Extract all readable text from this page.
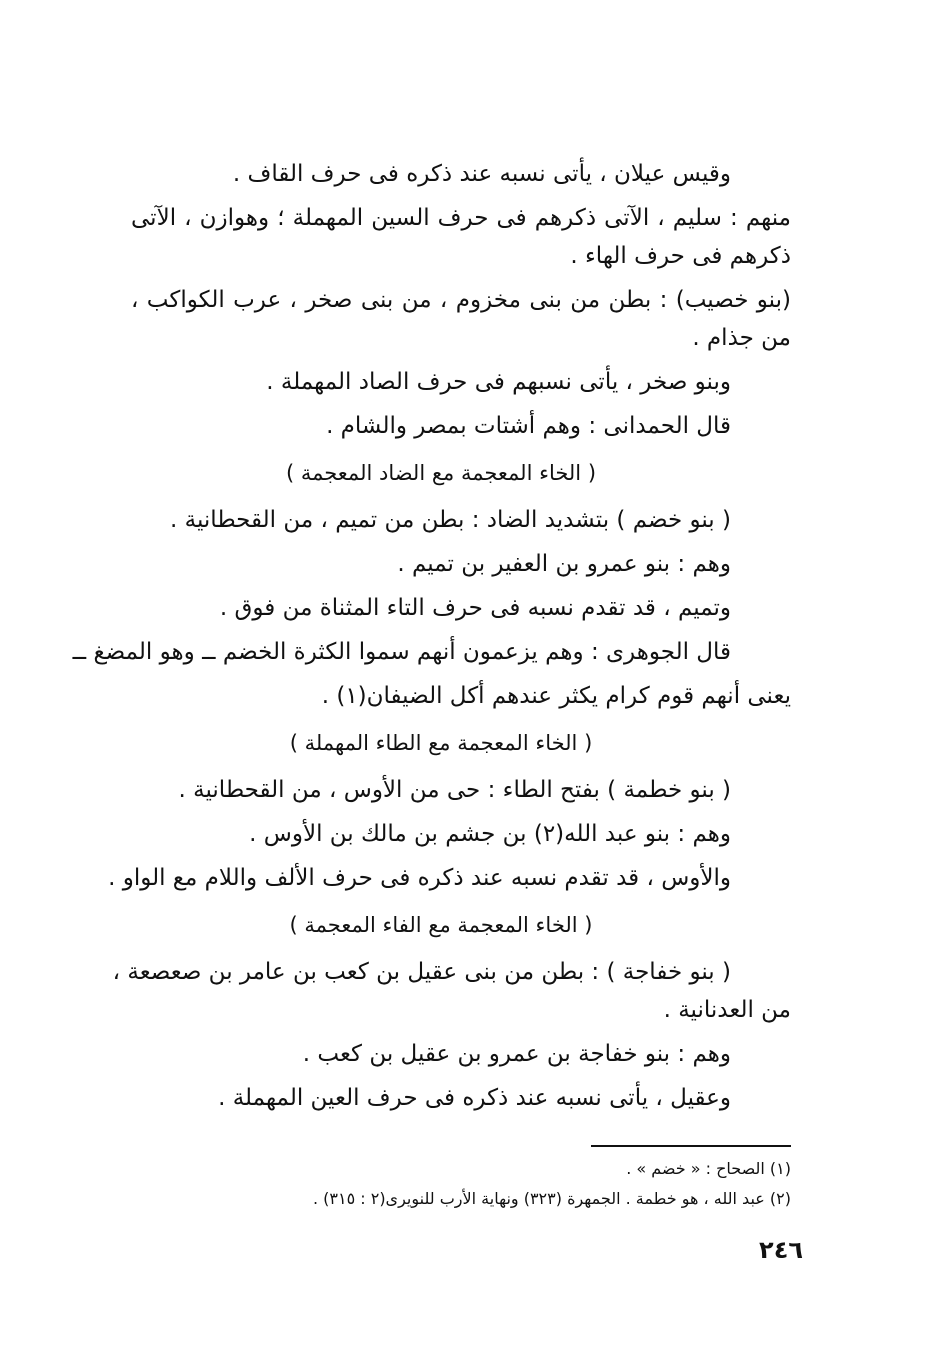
وقيس عيلان ، يأتى نسبه عند ذكره فى حرف القاف .
منهم : سليم ، الآتى ذكرهم فى حرف السين المهملة ؛ وهوازن ، الآتى
ذكرهم فى حرف الهاء .
(بنو خصيب) : بطن من بنى مخزوم ، من بنى صخر ، عرب الكواكب ،
من جذام .
وبنو صخر ، يأتى نسبهم فى حرف الصاد المهملة .
قال الحمدانى : وهم أشتات بمصر والشام .
( الخاء المعجمة مع الضاد المعجمة )
( بنو خضم ) بتشديد الضاد : بطن من تميم ، من القحطانية .
وهم : بنو عمرو بن العفير بن تميم .
وتميم ، قد تقدم نسبه فى حرف التاء المثناة من فوق .
قال الجوهرى : وهم يزعمون أنهم سموا الكثرة الخضم ــ وهو المضغ ــ
يعنى أنهم قوم كرام يكثر عندهم أكل الضيفان(١) .
( الخاء المعجمة مع الطاء المهملة )
( بنو خطمة ) بفتح الطاء : حى من الأوس ، من القحطانية .
وهم : بنو عبد الله(٢) بن جشم بن مالك بن الأوس .
والأوس ، قد تقدم نسبه عند ذكره فى حرف الألف واللام مع الواو .
( الخاء المعجمة مع الفاء المعجمة )
( بنو خفاجة ) : بطن من بنى عقيل بن كعب بن عامر بن صعصعة ،
من العدنانية .
وهم : بنو خفاجة بن عمرو بن عقيل بن كعب .
وعقيل ، يأتى نسبه عند ذكره فى حرف العين المهملة .
(١) الصحاح : « خضم » .
(٢) عبد الله ، هو خطمة . الجمهرة (٣٢٣) ونهاية الأرب للنويرى(٢ : ٣١٥) .
٢٤٦
